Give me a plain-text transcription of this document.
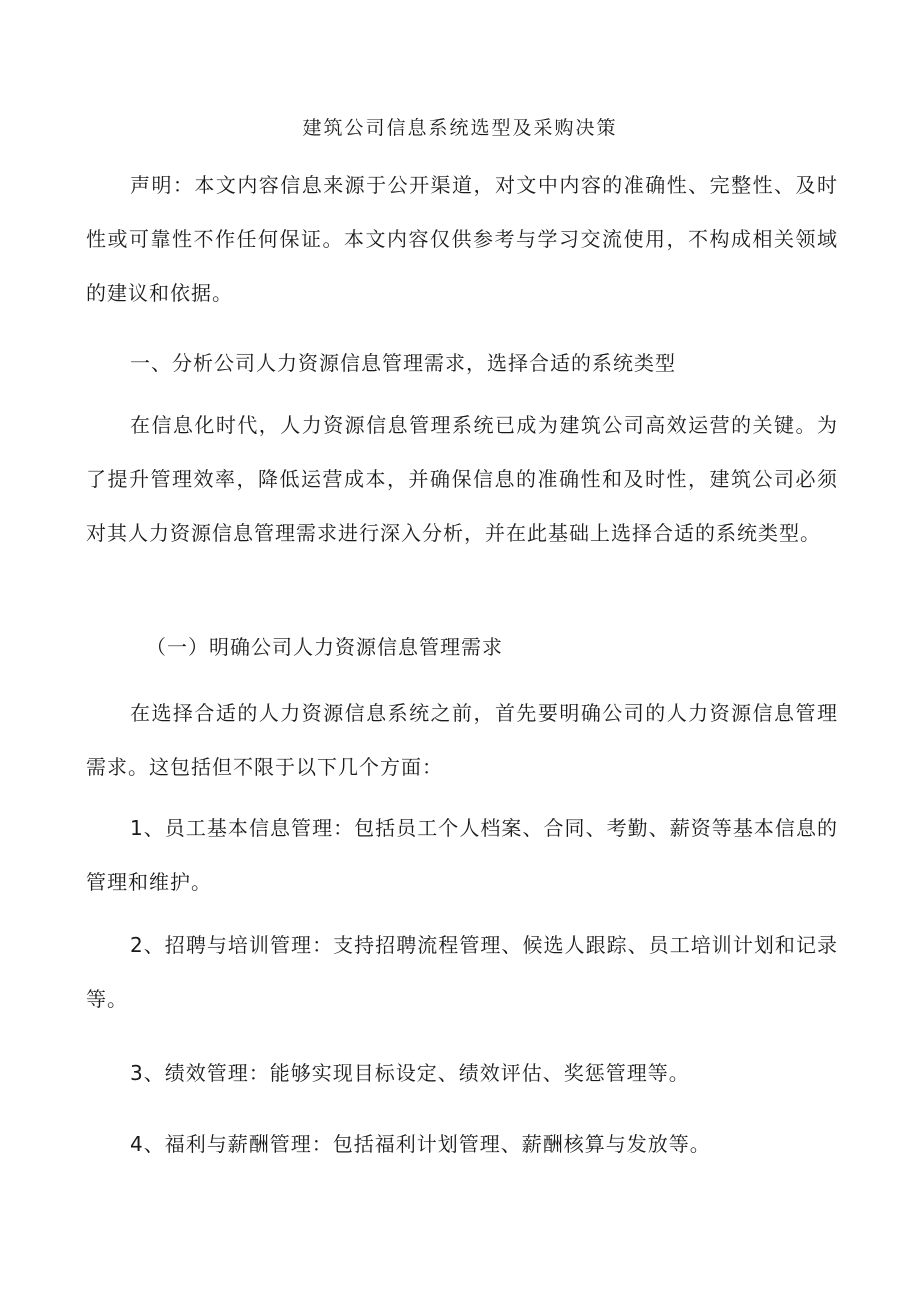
建筑公司信息系统选型及采购决策

声明：本文内容信息来源于公开渠道，对文中内容的准确性、完整性、及时性或可靠性不作任何保证。本文内容仅供参考与学习交流使用，不构成相关领域的建议和依据。

一、分析公司人力资源信息管理需求，选择合适的系统类型

在信息化时代，人力资源信息管理系统已成为建筑公司高效运营的关键。为了提升管理效率，降低运营成本，并确保信息的准确性和及时性，建筑公司必须对其人力资源信息管理需求进行深入分析，并在此基础上选择合适的系统类型。

（一）明确公司人力资源信息管理需求

在选择合适的人力资源信息系统之前，首先要明确公司的人力资源信息管理需求。这包括但不限于以下几个方面：

1、员工基本信息管理：包括员工个人档案、合同、考勤、薪资等基本信息的管理和维护。

2、招聘与培训管理：支持招聘流程管理、候选人跟踪、员工培训计划和记录等。

3、绩效管理：能够实现目标设定、绩效评估、奖惩管理等。

4、福利与薪酬管理：包括福利计划管理、薪酬核算与发放等。
